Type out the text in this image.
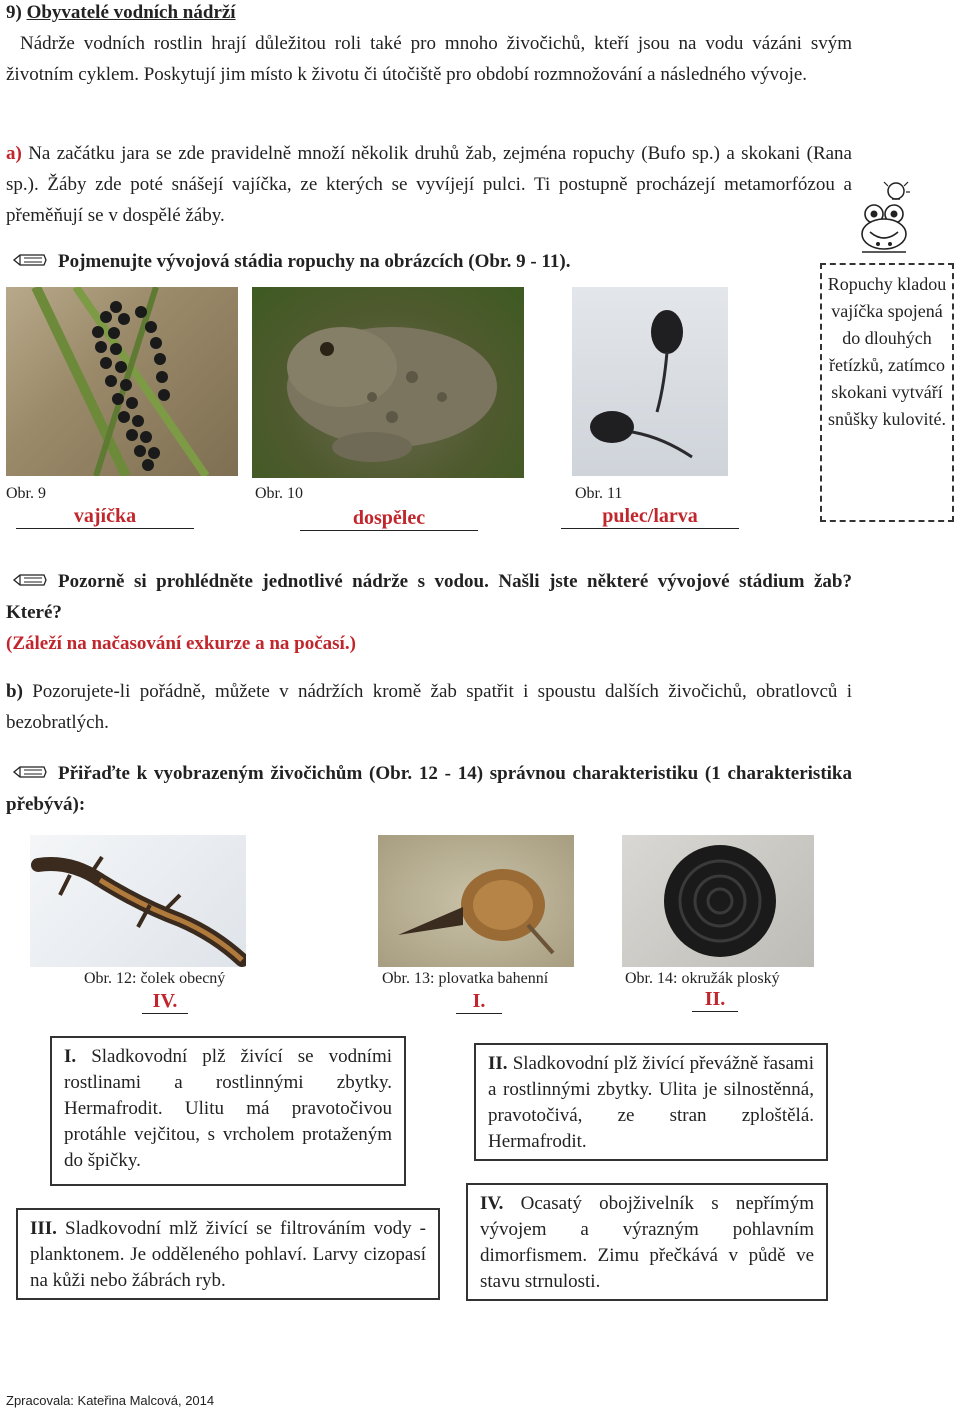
9) Obyvatelé vodních nádrží
Nádrže vodních rostlin hrají důležitou roli také pro mnoho živočichů, kteří jsou na vodu vázáni svým životním cyklem. Poskytují jim místo k životu či útočiště pro období rozmnožování a následného vývoje.
a) Na začátku jara se zde pravidelně množí několik druhů žab, zejména ropuchy (Bufo sp.) a skokani (Rana sp.). Žáby zde poté snášejí vajíčka, ze kterých se vyvíjejí pulci. Ti postupně procházejí metamorfózou a přeměňují se v dospělé žáby.
Pojmenujte vývojová stádia ropuchy na obrázcích (Obr. 9 - 11).
Obr. 9	Obr. 10	Obr. 11
vajíčka	dospělec	pulec/larva
Ropuchy kladou vajíčka spojená do dlouhých řetízků, zatímco skokani vytváří snůšky kulovité.
Pozorně si prohlédněte jednotlivé nádrže s vodou. Našli jste některé vývojové stádium žab? Které?
(Záleží na načasování exkurze a na počasí.)
b) Pozorujete-li pořádně, můžete v nádržích kromě žab spatřit i spoustu dalších živočichů, obratlovců i bezobratlých.
Přiřaďte k vyobrazeným živočichům (Obr. 12 - 14) správnou charakteristiku (1 charakteristika přebývá):
Obr. 12: čolek obecný	Obr. 13: plovatka bahenní	Obr. 14: okružák ploský
IV.	I.	II.
I. Sladkovodní plž živící se vodními rostlinami a rostlinnými zbytky. Hermafrodit. Ulitu má pravotočivou protáhle vejčitou, s vrcholem protaženým do špičky.
II. Sladkovodní plž živící převážně řasami a rostlinnými zbytky. Ulita je silnostěnná, pravotočivá, ze stran zploštělá. Hermafrodit.
III. Sladkovodní mlž živící se filtrováním vody - planktonem. Je odděleného pohlaví. Larvy cizopasí na kůži nebo žábrách ryb.
IV. Ocasatý obojživelník s nepřímým vývojem a výrazným pohlavním dimorfismem. Zimu přečkává v půdě ve stavu strnulosti.
Zpracovala: Kateřina Malcová, 2014
